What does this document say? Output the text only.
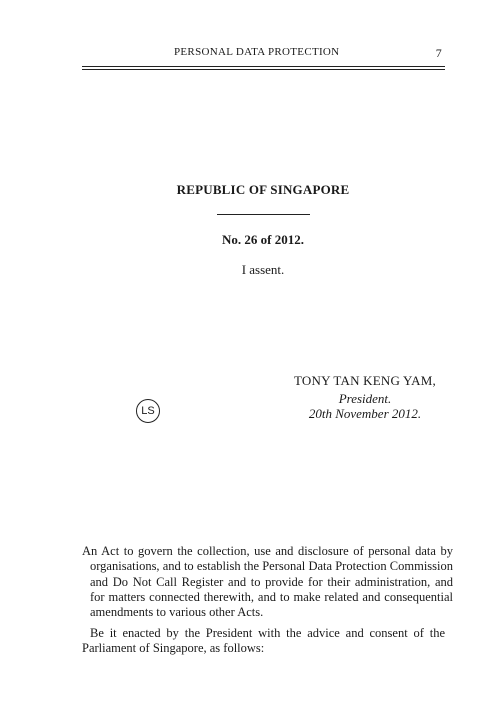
PERSONAL DATA PROTECTION	7
REPUBLIC OF SINGAPORE
No. 26 of 2012.
I assent.
TONY TAN KENG YAM,
President.
20th November 2012.
LS
An Act to govern the collection, use and disclosure of personal data by organisations, and to establish the Personal Data Protection Commission and Do Not Call Register and to provide for their administration, and for matters connected therewith, and to make related and consequential amendments to various other Acts.
Be it enacted by the President with the advice and consent of the Parliament of Singapore, as follows:
